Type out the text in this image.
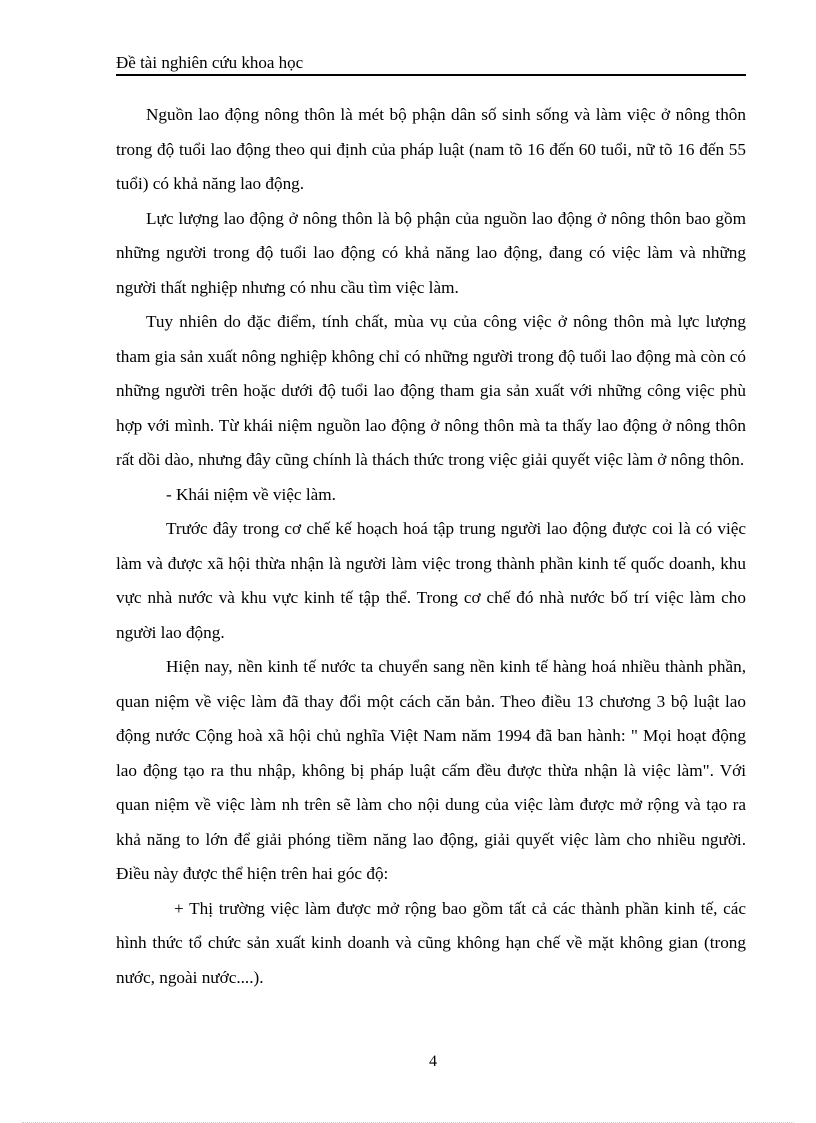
Đề tài nghiên cứu khoa học

Nguồn lao động nông thôn là mét bộ phận dân số sinh sống và làm việc ở nông thôn trong độ tuổi lao động theo qui định của pháp luật (nam tõ 16 đến 60 tuổi, nữ tõ 16 đến 55 tuổi) có khả năng lao động.

Lực lượng lao động ở nông thôn là bộ phận của nguồn lao động ở nông thôn bao gồm những người trong độ tuổi lao động có khả năng lao động, đang có việc làm và những người thất nghiệp nhưng có nhu cầu tìm việc làm.

Tuy nhiên do đặc điểm, tính chất, mùa vụ của công việc ở nông thôn mà lực lượng tham gia sản xuất nông nghiệp không chỉ có những người trong độ tuổi lao động mà còn có những người trên hoặc dưới độ tuổi lao động tham gia sản xuất với những công việc phù hợp với mình. Từ khái niệm nguồn lao động ở nông thôn mà ta thấy lao động ở nông thôn rất dồi dào, nhưng đây cũng chính là thách thức trong việc giải quyết việc làm ở nông thôn.

- Khái niệm về việc làm.

Trước đây trong cơ chế kế hoạch hoá tập trung người lao động được coi là có việc làm và được xã hội thừa nhận là người làm việc trong thành phần kinh tế quốc doanh, khu vực nhà nước và khu vực kinh tế tập thể. Trong cơ chế đó nhà nước bố trí việc làm cho người lao động.

Hiện nay, nền kinh tế nước ta chuyển sang nền kinh tế hàng hoá nhiều thành phần, quan niệm về việc làm đã thay đổi một cách căn bản. Theo điều 13 chương 3 bộ luật lao động nước Cộng hoà xã hội chủ nghĩa Việt Nam năm 1994 đã ban hành: " Mọi hoạt động lao động tạo ra thu nhập, không bị pháp luật cấm đều được thừa nhận là việc làm". Với quan niệm về việc làm nh trên sẽ làm cho nội dung của việc làm được mở rộng và tạo ra khả năng to lớn để giải phóng tiềm năng lao động, giải quyết việc làm cho nhiều người. Điều này được thể hiện trên hai góc độ:

+ Thị trường việc làm được mở rộng bao gồm tất cả các thành phần kinh tế, các hình thức tổ chức sản xuất kinh doanh và cũng không hạn chế về mặt không gian (trong nước, ngoài nước....).

4
